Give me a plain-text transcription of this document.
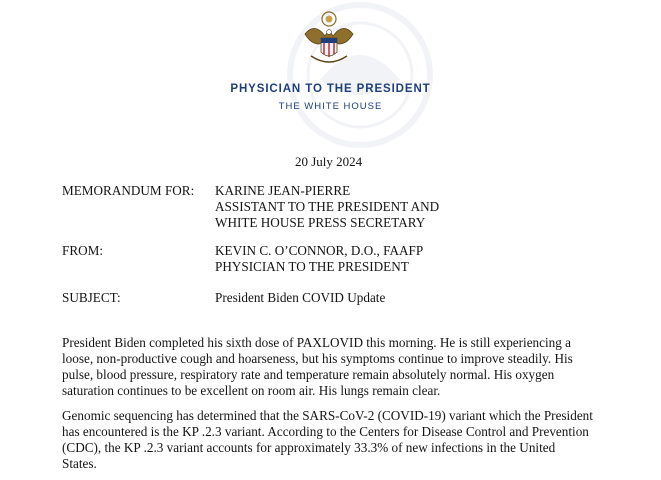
PHYSICIAN TO THE PRESIDENT
THE WHITE HOUSE
20 July 2024
MEMORANDUM FOR: KARINE JEAN-PIERRE
ASSISTANT TO THE PRESIDENT AND
WHITE HOUSE PRESS SECRETARY
FROM:	KEVIN C. O’CONNOR, D.O., FAAFP
PHYSICIAN TO THE PRESIDENT
SUBJECT:	President Biden COVID Update
President Biden completed his sixth dose of PAXLOVID this morning. He is still experiencing a
loose, non-productive cough and hoarseness, but his symptoms continue to improve steadily. His
pulse, blood pressure, respiratory rate and temperature remain absolutely normal. His oxygen
saturation continues to be excellent on room air. His lungs remain clear.
Genomic sequencing has determined that the SARS-CoV-2 (COVID-19) variant which the President
has encountered is the KP .2.3 variant. According to the Centers for Disease Control and Prevention
(CDC), the KP .2.3 variant accounts for approximately 33.3% of new infections in the United
States.
